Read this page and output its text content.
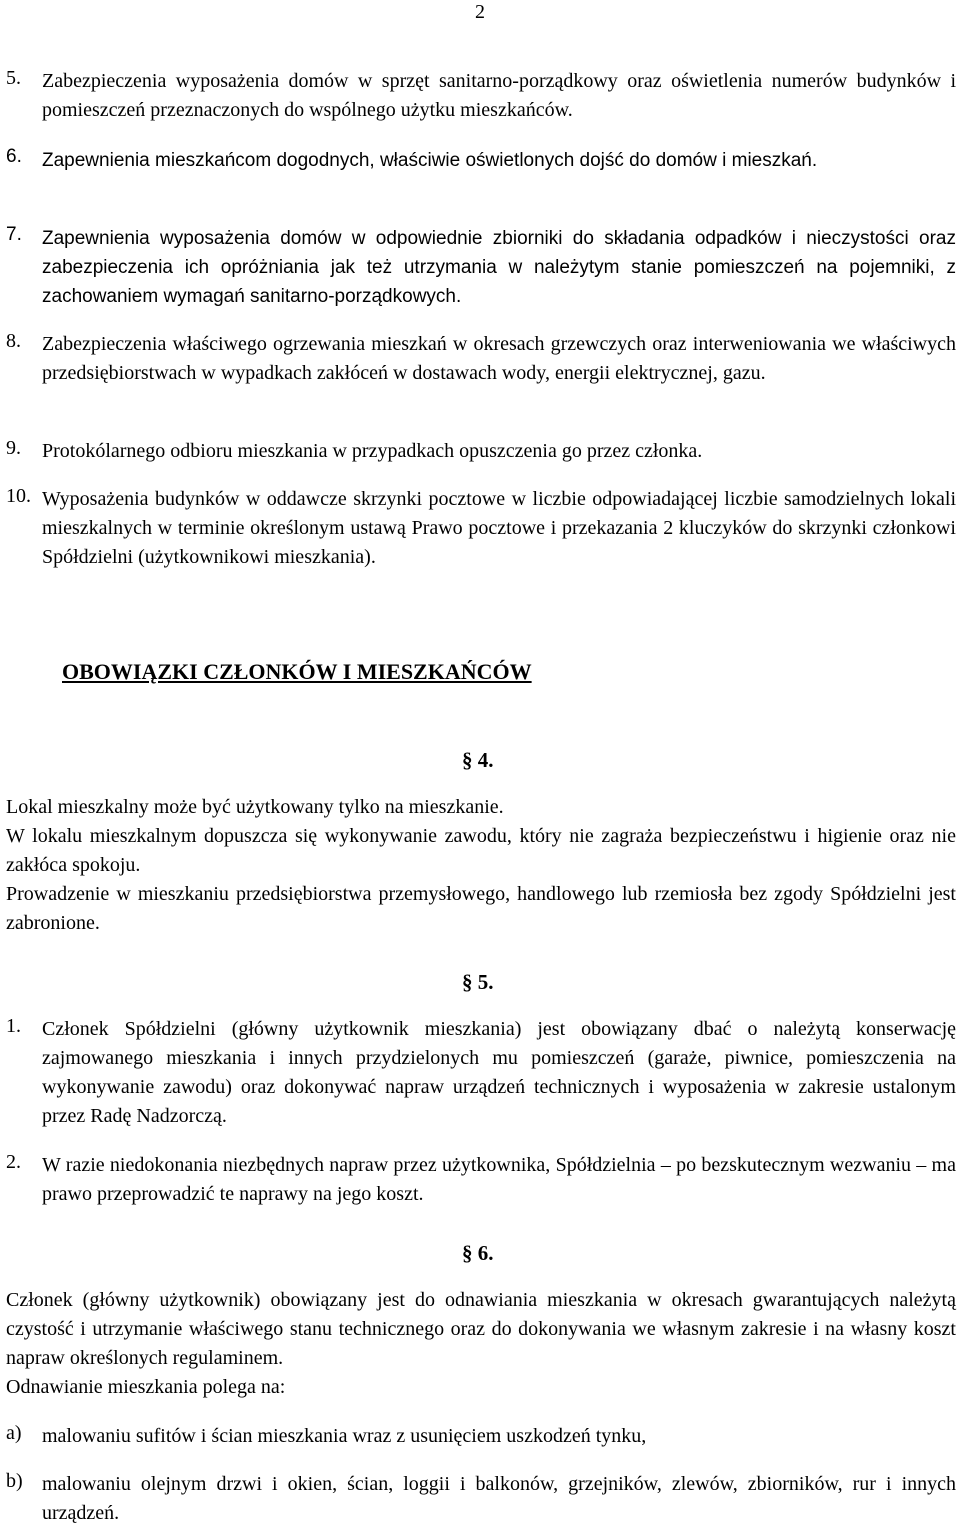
2
5. Zabezpieczenia wyposażenia domów w sprzęt sanitarno-porządkowy oraz oświetlenia numerów budynków i pomieszczeń przeznaczonych do wspólnego użytku mieszkańców.
6. Zapewnienia mieszkańcom dogodnych, właściwie oświetlonych dojść do domów i mieszkań.
7. Zapewnienia wyposażenia domów w odpowiednie zbiorniki do składania odpadków i nieczystości oraz zabezpieczenia ich opróżniania jak też utrzymania w należytym stanie pomieszczeń na pojemniki, z zachowaniem wymagań sanitarno-porządkowych.
8. Zabezpieczenia właściwego ogrzewania mieszkań w okresach grzewczych oraz interweniowania we właściwych przedsiębiorstwach w wypadkach zakłóceń w dostawach wody, energii elektrycznej, gazu.
9. Protokólarnego odbioru mieszkania w przypadkach opuszczenia go przez członka.
10. Wyposażenia budynków w oddawcze skrzynki pocztowe w liczbie odpowiadającej liczbie samodzielnych lokali mieszkalnych w terminie określonym ustawą Prawo pocztowe i przekazania 2 kluczyków do skrzynki członkowi Spółdzielni (użytkownikowi mieszkania).
OBOWIĄZKI CZŁONKÓW I MIESZKAŃCÓW
§ 4.
Lokal mieszkalny może być użytkowany tylko na mieszkanie.
W lokalu mieszkalnym dopuszcza się wykonywanie zawodu, który nie zagraża bezpieczeństwu i higienie oraz nie zakłóca spokoju.
Prowadzenie w mieszkaniu przedsiębiorstwa przemysłowego, handlowego lub rzemiosła bez zgody Spółdzielni jest zabronione.
§ 5.
1. Członek Spółdzielni (główny użytkownik mieszkania) jest obowiązany dbać o należytą konserwację zajmowanego mieszkania i innych przydzielonych mu pomieszczeń (garaże, piwnice, pomieszczenia na wykonywanie zawodu) oraz dokonywać napraw urządzeń technicznych i wyposażenia w zakresie ustalonym przez Radę Nadzorczą.
2. W razie niedokonania niezbędnych napraw przez użytkownika, Spółdzielnia – po bezskutecznym wezwaniu – ma prawo przeprowadzić te naprawy na jego koszt.
§ 6.
Członek (główny użytkownik) obowiązany jest do odnawiania mieszkania w okresach gwarantujących należytą czystość i utrzymanie właściwego stanu technicznego oraz do dokonywania we własnym zakresie i na własny koszt napraw określonych regulaminem.
Odnawianie mieszkania polega na:
a) malowaniu sufitów i ścian mieszkania wraz z usunięciem uszkodzeń tynku,
b) malowaniu olejnym drzwi i okien, ścian, loggii i balkonów, grzejników, zlewów, zbiorników, rur i innych urządzeń.
